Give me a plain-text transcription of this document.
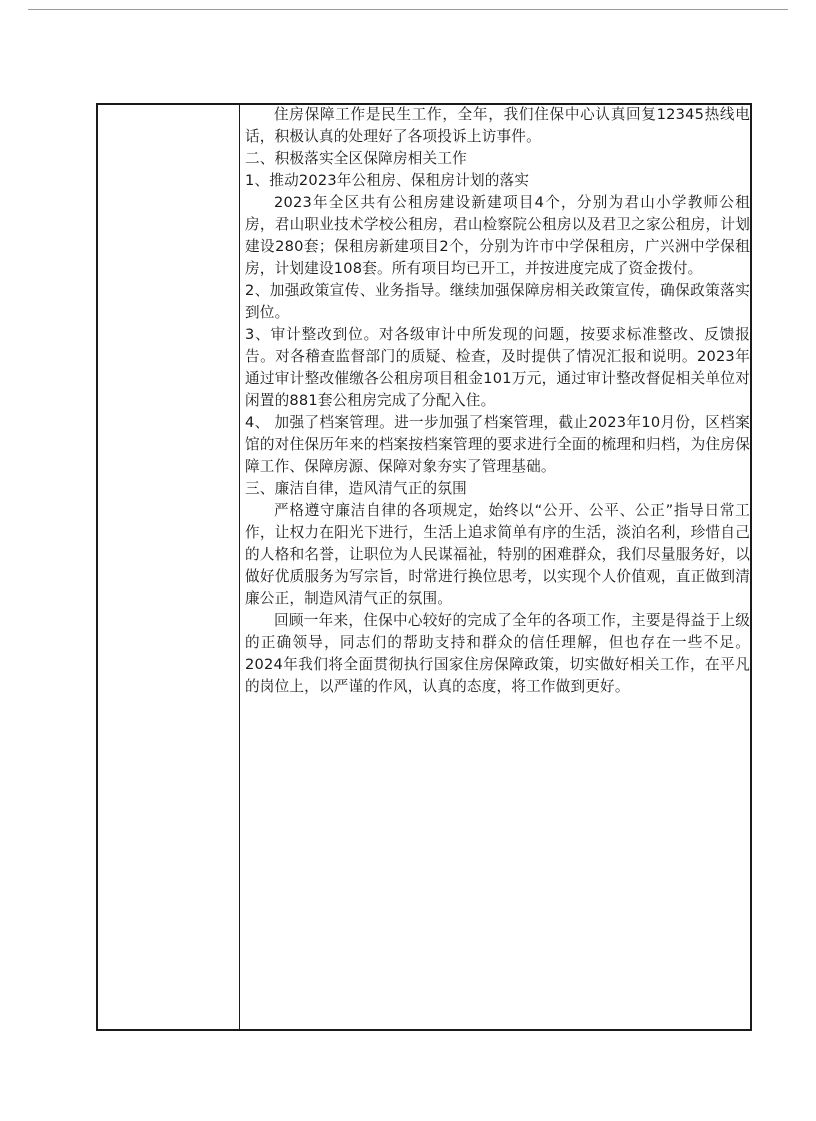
住房保障工作是民生工作，全年，我们住保中心认真回复12345热线电话，积极认真的处理好了各项投诉上访事件。

二、积极落实全区保障房相关工作

1、推动2023年公租房、保租房计划的落实

2023年全区共有公租房建设新建项目4个，分别为君山小学教师公租房，君山职业技术学校公租房，君山检察院公租房以及君卫之家公租房，计划建设280套；保租房新建项目2个，分别为许市中学保租房，广兴洲中学保租房，计划建设108套。所有项目均已开工，并按进度完成了资金拨付。

2、加强政策宣传、业务指导。继续加强保障房相关政策宣传，确保政策落实到位。

3、审计整改到位。对各级审计中所发现的问题，按要求标准整改、反馈报告。对各稽查监督部门的质疑、检查，及时提供了情况汇报和说明。2023年通过审计整改催缴各公租房项目租金101万元，通过审计整改督促相关单位对闲置的881套公租房完成了分配入住。

4、 加强了档案管理。进一步加强了档案管理，截止2023年10月份，区档案馆的对住保历年来的档案按档案管理的要求进行全面的梳理和归档，为住房保障工作、保障房源、保障对象夯实了管理基础。

三、廉洁自律，造风清气正的氛围

严格遵守廉洁自律的各项规定，始终以“公开、公平、公正”指导日常工作，让权力在阳光下进行，生活上追求简单有序的生活，淡泊名利，珍惜自己的人格和名誉，让职位为人民谋福祉，特别的困难群众，我们尽量服务好，以做好优质服务为写宗旨，时常进行换位思考，以实现个人价值观，直正做到清廉公正，制造风清气正的氛围。

回顾一年来，住保中心较好的完成了全年的各项工作，主要是得益于上级的正确领导，同志们的帮助支持和群众的信任理解，但也存在一些不足。2024年我们将全面贯彻执行国家住房保障政策，切实做好相关工作，在平凡的岗位上，以严谨的作风，认真的态度，将工作做到更好。
